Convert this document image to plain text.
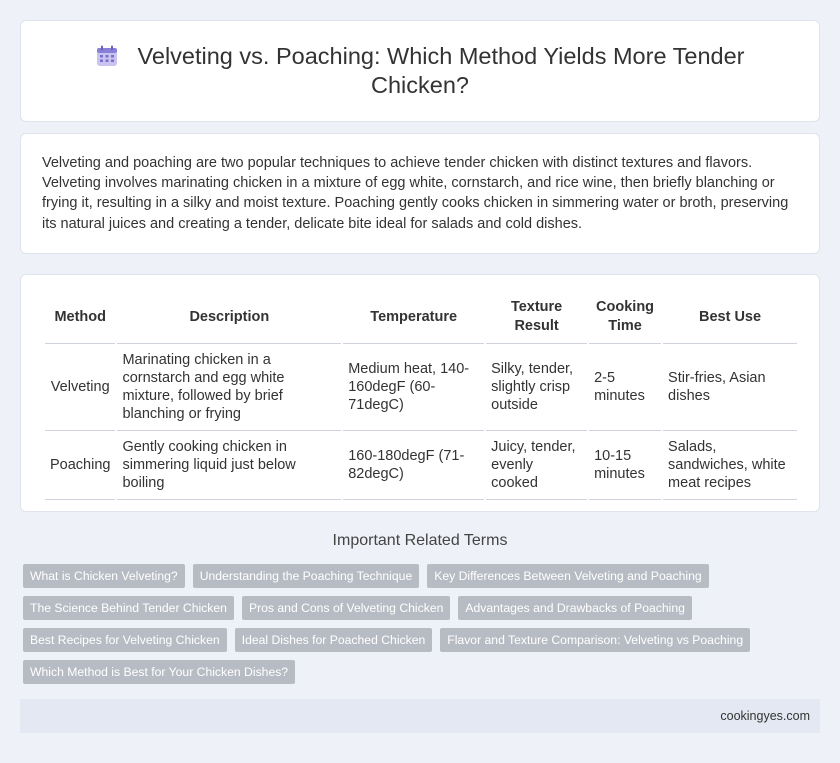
Velveting vs. Poaching: Which Method Yields More Tender Chicken?

Velveting and poaching are two popular techniques to achieve tender chicken with distinct textures and flavors. Velveting involves marinating chicken in a mixture of egg white, cornstarch, and rice wine, then briefly blanching or frying it, resulting in a silky and moist texture. Poaching gently cooks chicken in simmering water or broth, preserving its natural juices and creating a tender, delicate bite ideal for salads and cold dishes.

Method	Description	Temperature	Texture Result	Cooking Time	Best Use
Velveting	Marinating chicken in a cornstarch and egg white mixture, followed by brief blanching or frying	Medium heat, 140-160degF (60-71degC)	Silky, tender, slightly crisp outside	2-5 minutes	Stir-fries, Asian dishes
Poaching	Gently cooking chicken in simmering liquid just below boiling	160-180degF (71-82degC)	Juicy, tender, evenly cooked	10-15 minutes	Salads, sandwiches, white meat recipes
Important Related Terms
What is Chicken Velveting?	Understanding the Poaching Technique	Key Differences Between Velveting and Poaching
The Science Behind Tender Chicken	Pros and Cons of Velveting Chicken	Advantages and Drawbacks of Poaching
Best Recipes for Velveting Chicken	Ideal Dishes for Poached Chicken	Flavor and Texture Comparison: Velveting vs Poaching
Which Method is Best for Your Chicken Dishes?
cookingyes.com
